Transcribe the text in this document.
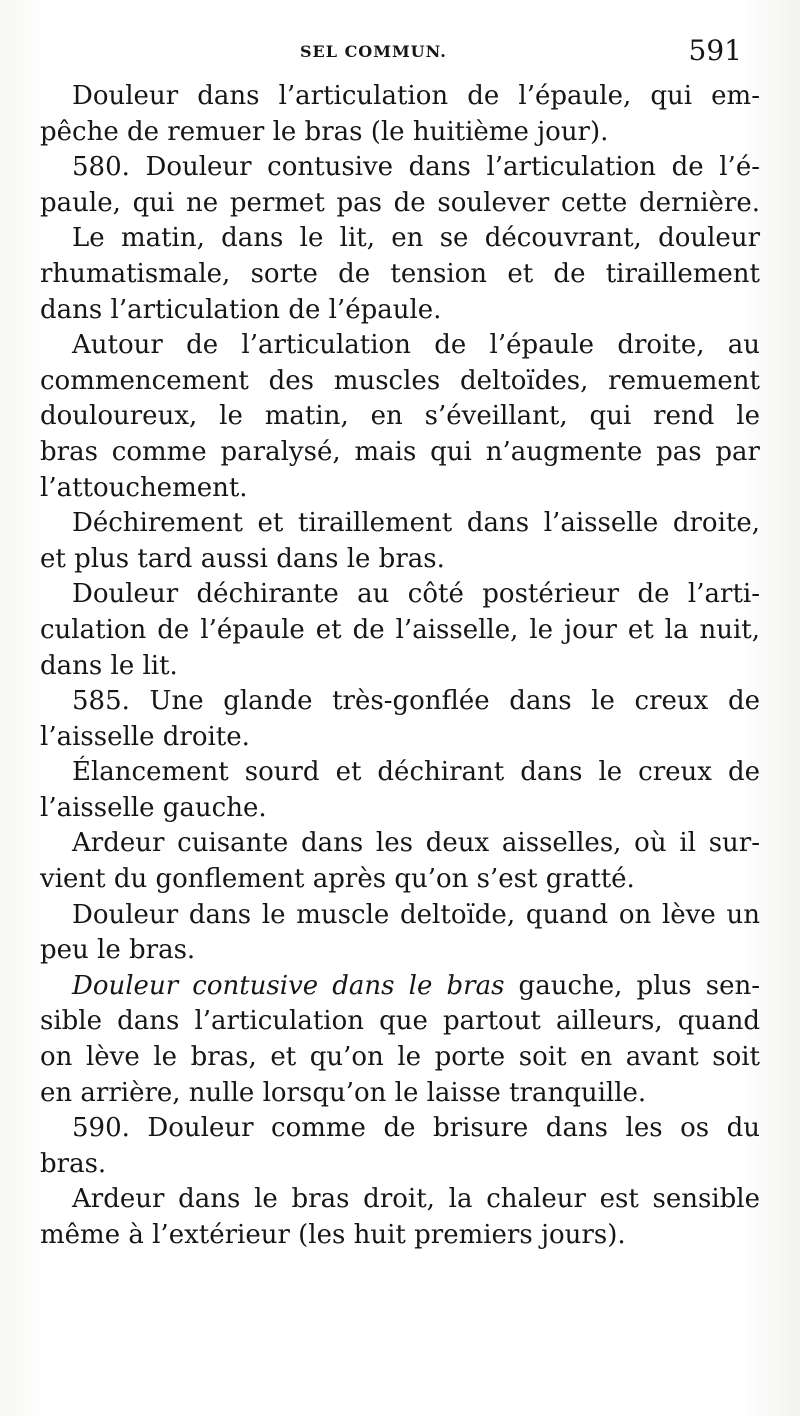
SEL COMMUN.	591
Douleur dans l’articulation de l’épaule, qui em-
pêche de remuer le bras (le huitième jour).
580. Douleur contusive dans l’articulation de l’é-
paule, qui ne permet pas de soulever cette dernière.
Le matin, dans le lit, en se découvrant, douleur
rhumatismale, sorte de tension et de tiraillement
dans l’articulation de l’épaule.
Autour de l’articulation de l’épaule droite, au
commencement des muscles deltoïdes, remuement
douloureux, le matin, en s’éveillant, qui rend le
bras comme paralysé, mais qui n’augmente pas par
l’attouchement.
Déchirement et tiraillement dans l’aisselle droite,
et plus tard aussi dans le bras.
Douleur déchirante au côté postérieur de l’arti-
culation de l’épaule et de l’aisselle, le jour et la nuit,
dans le lit.
585. Une glande très-gonflée dans le creux de
l’aisselle droite.
Élancement sourd et déchirant dans le creux de
l’aisselle gauche.
Ardeur cuisante dans les deux aisselles, où il sur-
vient du gonflement après qu’on s’est gratté.
Douleur dans le muscle deltoïde, quand on lève un
peu le bras.
Douleur contusive dans le bras gauche, plus sen-
sible dans l’articulation que partout ailleurs, quand
on lève le bras, et qu’on le porte soit en avant soit
en arrière, nulle lorsqu’on le laisse tranquille.
590. Douleur comme de brisure dans les os du
bras.
Ardeur dans le bras droit, la chaleur est sensible
même à l’extérieur (les huit premiers jours).
